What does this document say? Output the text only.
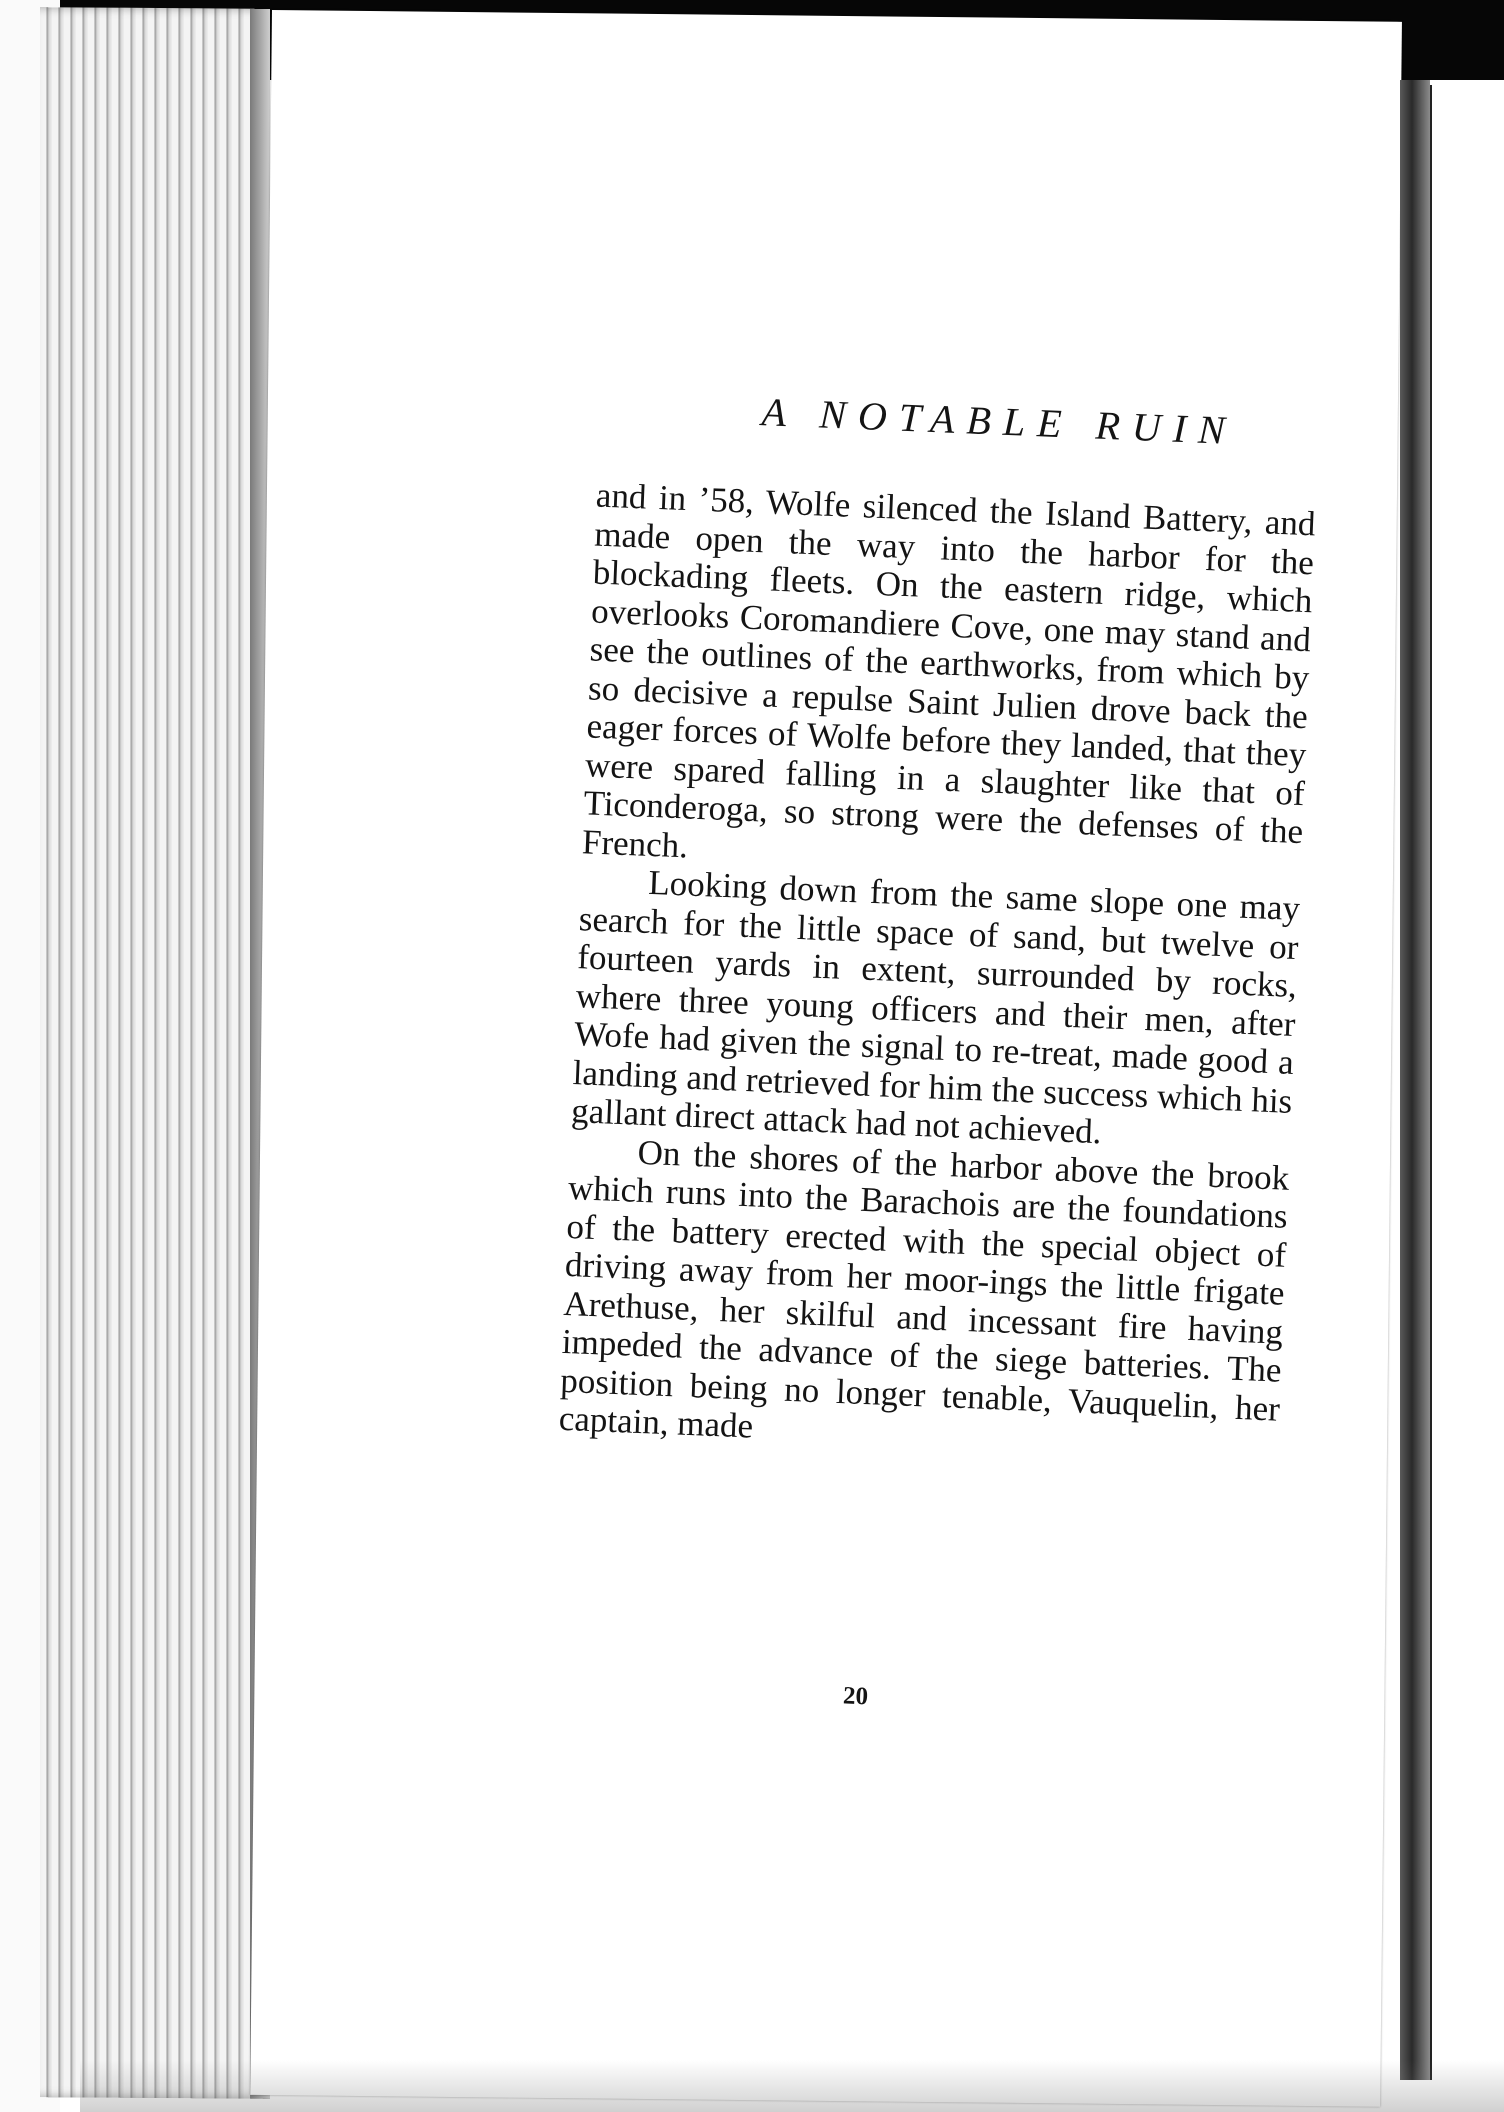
A NOTABLE RUIN

and in ’58, Wolfe silenced the Island Battery, and made open the way into the harbor for the blockading fleets. On the eastern ridge, which overlooks Coromandiere Cove, one may stand and see the outlines of the earthworks, from which by so decisive a repulse Saint Julien drove back the eager forces of Wolfe before they landed, that they were spared falling in a slaughter like that of Ticonderoga, so strong were the defenses of the French.

Looking down from the same slope one may search for the little space of sand, but twelve or fourteen yards in extent, surrounded by rocks, where three young officers and their men, after Wofe had given the signal to re-treat, made good a landing and retrieved for him the success which his gallant direct attack had not achieved.

On the shores of the harbor above the brook which runs into the Barachois are the foundations of the battery erected with the special object of driving away from her moor-ings the little frigate Arethuse, her skilful and incessant fire having impeded the advance of the siege batteries. The position being no longer tenable, Vauquelin, her captain, made

20
